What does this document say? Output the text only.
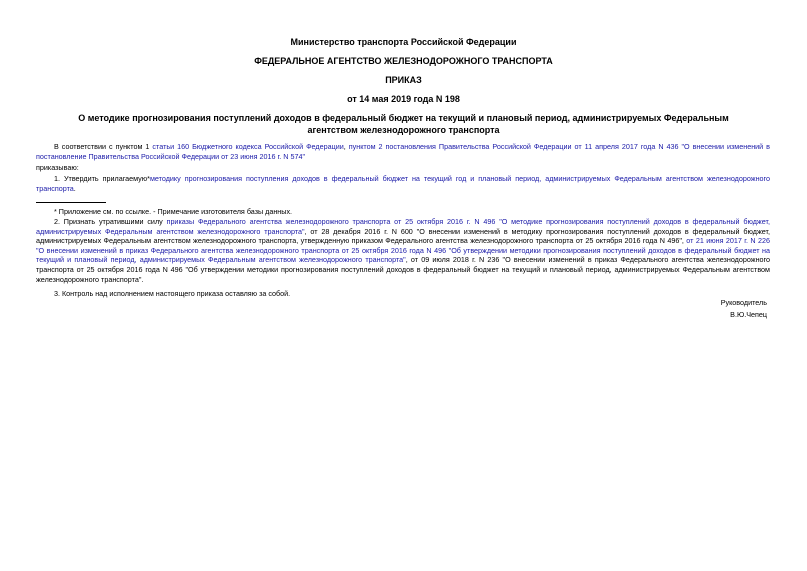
Министерство транспорта Российской Федерации
ФЕДЕРАЛЬНОЕ АГЕНТСТВО ЖЕЛЕЗНОДОРОЖНОГО ТРАНСПОРТА
ПРИКАЗ
от 14 мая 2019 года N 198
О методике прогнозирования поступлений доходов в федеральный бюджет на текущий и плановый период, администрируемых Федеральным агентством железнодорожного транспорта
В соответствии с пунктом 1 статьи 160 Бюджетного кодекса Российской Федерации, пунктом 2 постановления Правительства Российской Федерации от 11 апреля 2017 года N 436 "О внесении изменений в постановление Правительства Российской Федерации от 23 июня 2016 г. N 574"
приказываю:
1. Утвердить прилагаемую*методику прогнозирования поступления доходов в федеральный бюджет на текущий год и плановый период, администрируемых Федеральным агентством железнодорожного транспорта.
* Приложение см. по ссылке. - Примечание изготовителя базы данных.
2. Признать утратившими силу приказы Федерального агентства железнодорожного транспорта от 25 октября 2016 г. N 496 "О методике прогнозирования поступлений доходов в федеральный бюджет, администрируемых Федеральным агентством железнодорожного транспорта", от 28 декабря 2016 г. N 600 "О внесении изменений в методику прогнозирования поступлений доходов в федеральный бюджет, администрируемых Федеральным агентством железнодорожного транспорта, утвержденную приказом Федерального агентства железнодорожного транспорта от 25 октября 2016 года N 496", от 21 июня 2017 г. N 226 "О внесении изменений в приказ Федерального агентства железнодорожного транспорта от 25 октября 2016 года N 496 "Об утверждении методики прогнозирования поступлений доходов в федеральный бюджет на текущий и плановый период, администрируемых Федеральным агентством железнодорожного транспорта", от 09 июля 2018 г. N 236 "О внесении изменений в приказ Федерального агентства железнодорожного транспорта от 25 октября 2016 года N 496 "Об утверждении методики прогнозирования поступлений доходов в федеральный бюджет на текущий и плановый период, администрируемых Федеральным агентством железнодорожного транспорта".
3. Контроль над исполнением настоящего приказа оставляю за собой.
Руководитель
В.Ю.Чепец
